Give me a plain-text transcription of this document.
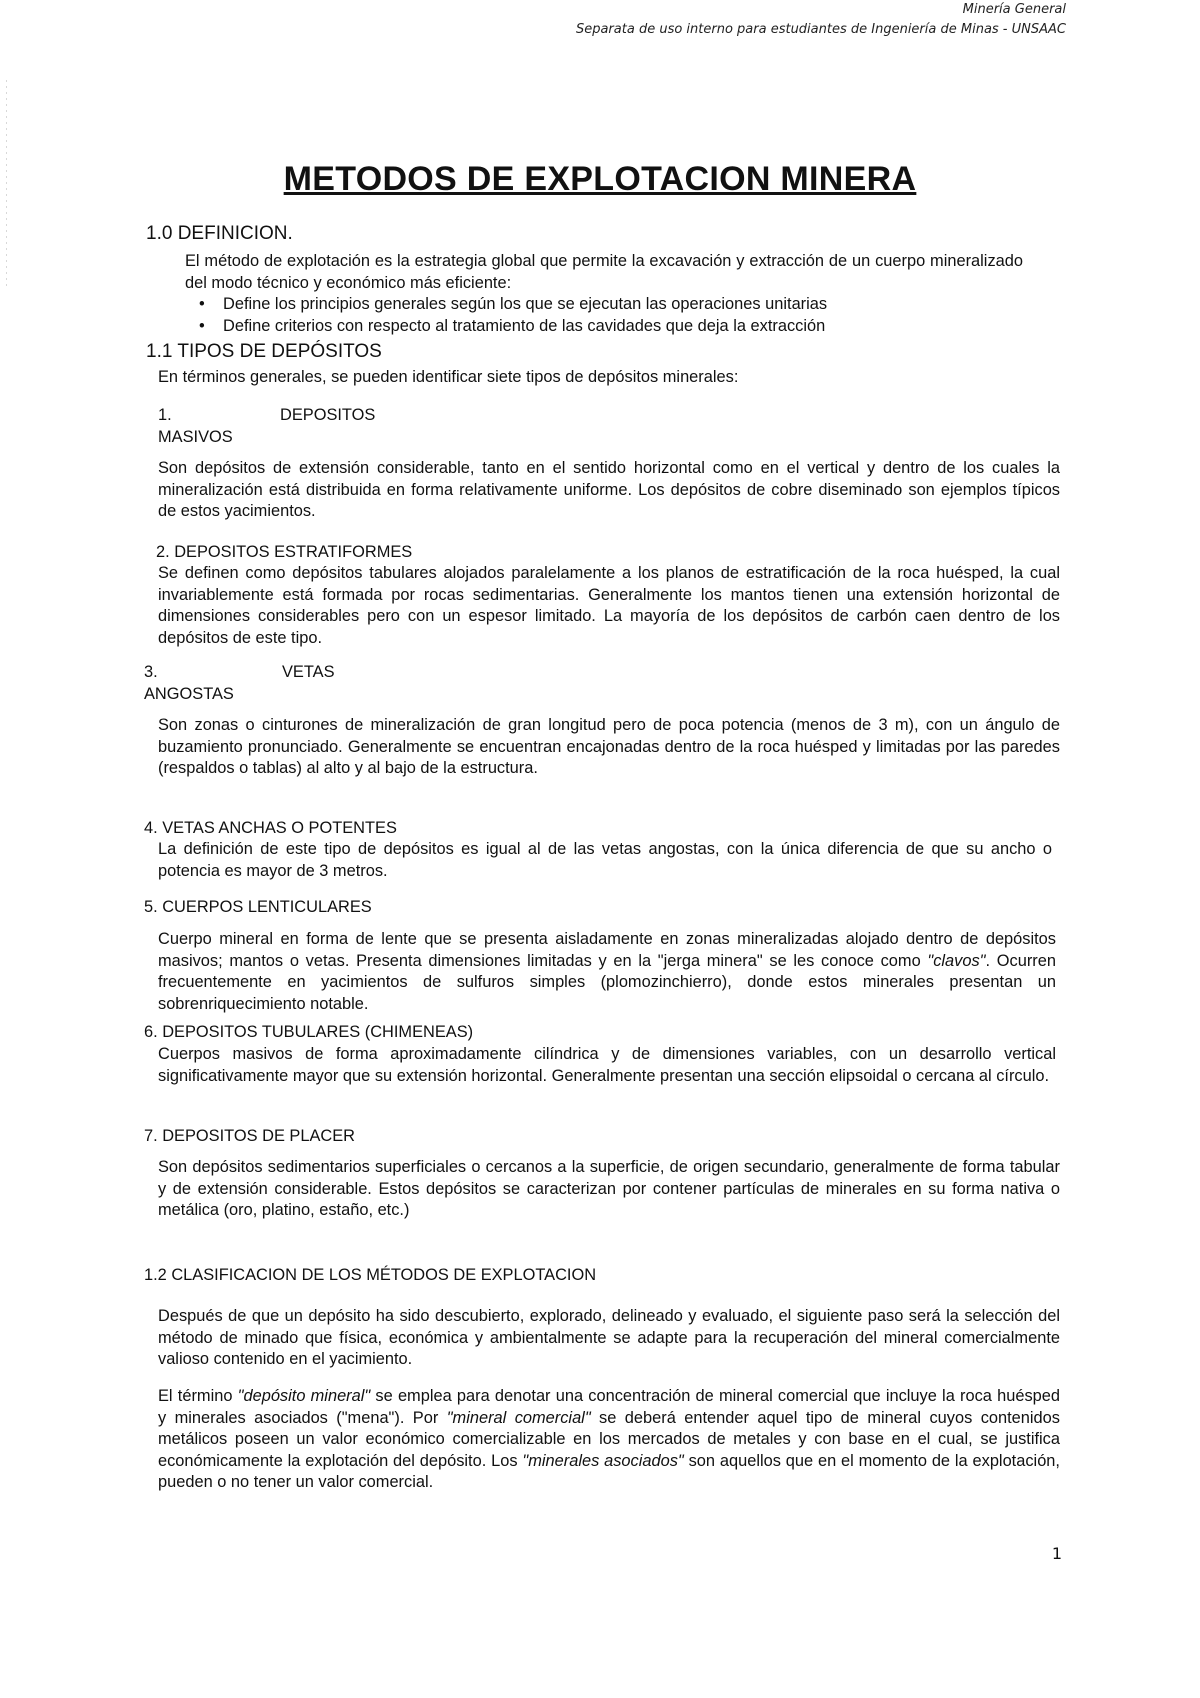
Minería General
Separata de uso interno para estudiantes de Ingeniería de Minas - UNSAAC
METODOS DE EXPLOTACION MINERA
1.0 DEFINICION.
El método de explotación es la estrategia global que permite la excavación y extracción de un cuerpo mineralizado del modo técnico y económico más eficiente:
• Define los principios generales según los que se ejecutan las operaciones unitarias
• Define criterios con respecto al tratamiento de las cavidades que deja la extracción
1.1 TIPOS DE DEPÓSITOS
En términos generales, se pueden identificar siete tipos de depósitos minerales:
1.	DEPOSITOS
MASIVOS
Son depósitos de extensión considerable, tanto en el sentido horizontal como en el vertical y dentro de los cuales la mineralización está distribuida en forma relativamente uniforme. Los depósitos de cobre diseminado son ejemplos típicos de estos yacimientos.
2. DEPOSITOS ESTRATIFORMES
Se definen como depósitos tabulares alojados paralelamente a los planos de estratificación de la roca huésped, la cual invariablemente está formada por rocas sedimentarias. Generalmente los mantos tienen una extensión horizontal de dimensiones considerables pero con un espesor limitado. La mayoría de los depósitos de carbón caen dentro de los depósitos de este tipo.
3.	VETAS
ANGOSTAS
Son zonas o cinturones de mineralización de gran longitud pero de poca potencia (menos de 3 m), con un ángulo de buzamiento pronunciado. Generalmente se encuentran encajonadas dentro de la roca huésped y limitadas por las paredes (respaldos o tablas) al alto y al bajo de la estructura.
4. VETAS ANCHAS O POTENTES
La definición de este tipo de depósitos es igual al de las vetas angostas, con la única diferencia de que su ancho o potencia es mayor de 3 metros.
5. CUERPOS LENTICULARES
Cuerpo mineral en forma de lente que se presenta aisladamente en zonas mineralizadas alojado dentro de depósitos masivos; mantos o vetas. Presenta dimensiones limitadas y en la "jerga minera" se les conoce como "clavos". Ocurren frecuentemente en yacimientos de sulfuros simples (plomozinchierro), donde estos minerales presentan un sobrenriquecimiento notable.
6. DEPOSITOS TUBULARES (CHIMENEAS)
Cuerpos masivos de forma aproximadamente cilíndrica y de dimensiones variables, con un desarrollo vertical significativamente mayor que su extensión horizontal. Generalmente presentan una sección elipsoidal o cercana al círculo.
7. DEPOSITOS DE PLACER
Son depósitos sedimentarios superficiales o cercanos a la superficie, de origen secundario, generalmente de forma tabular y de extensión considerable. Estos depósitos se caracterizan por contener partículas de minerales en su forma nativa o metálica (oro, platino, estaño, etc.)
1.2 CLASIFICACION DE LOS MÉTODOS DE EXPLOTACION
Después de que un depósito ha sido descubierto, explorado, delineado y evaluado, el siguiente paso será la selección del método de minado que física, económica y ambientalmente se adapte para la recuperación del mineral comercialmente valioso contenido en el yacimiento.
El término "depósito mineral" se emplea para denotar una concentración de mineral comercial que incluye la roca huésped y minerales asociados ("mena"). Por "mineral comercial" se deberá entender aquel tipo de mineral cuyos contenidos metálicos poseen un valor económico comercializable en los mercados de metales y con base en el cual, se justifica económicamente la explotación del depósito. Los "minerales asociados" son aquellos que en el momento de la explotación, pueden o no tener un valor comercial.
1
